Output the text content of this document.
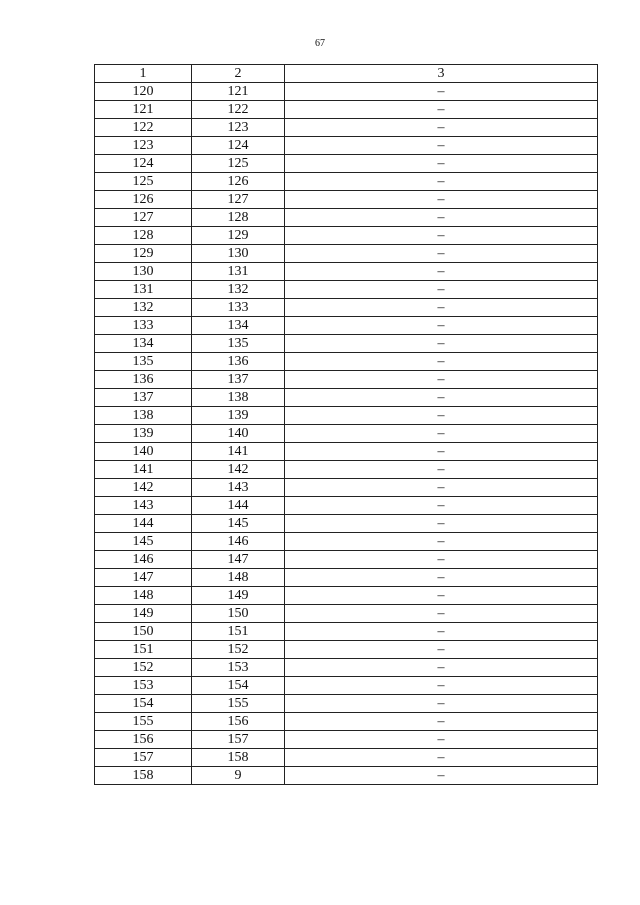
67
1	2	3
120	121	–
121	122	–
122	123	–
123	124	–
124	125	–
125	126	–
126	127	–
127	128	–
128	129	–
129	130	–
130	131	–
131	132	–
132	133	–
133	134	–
134	135	–
135	136	–
136	137	–
137	138	–
138	139	–
139	140	–
140	141	–
141	142	–
142	143	–
143	144	–
144	145	–
145	146	–
146	147	–
147	148	–
148	149	–
149	150	–
150	151	–
151	152	–
152	153	–
153	154	–
154	155	–
155	156	–
156	157	–
157	158	–
158	9	–
